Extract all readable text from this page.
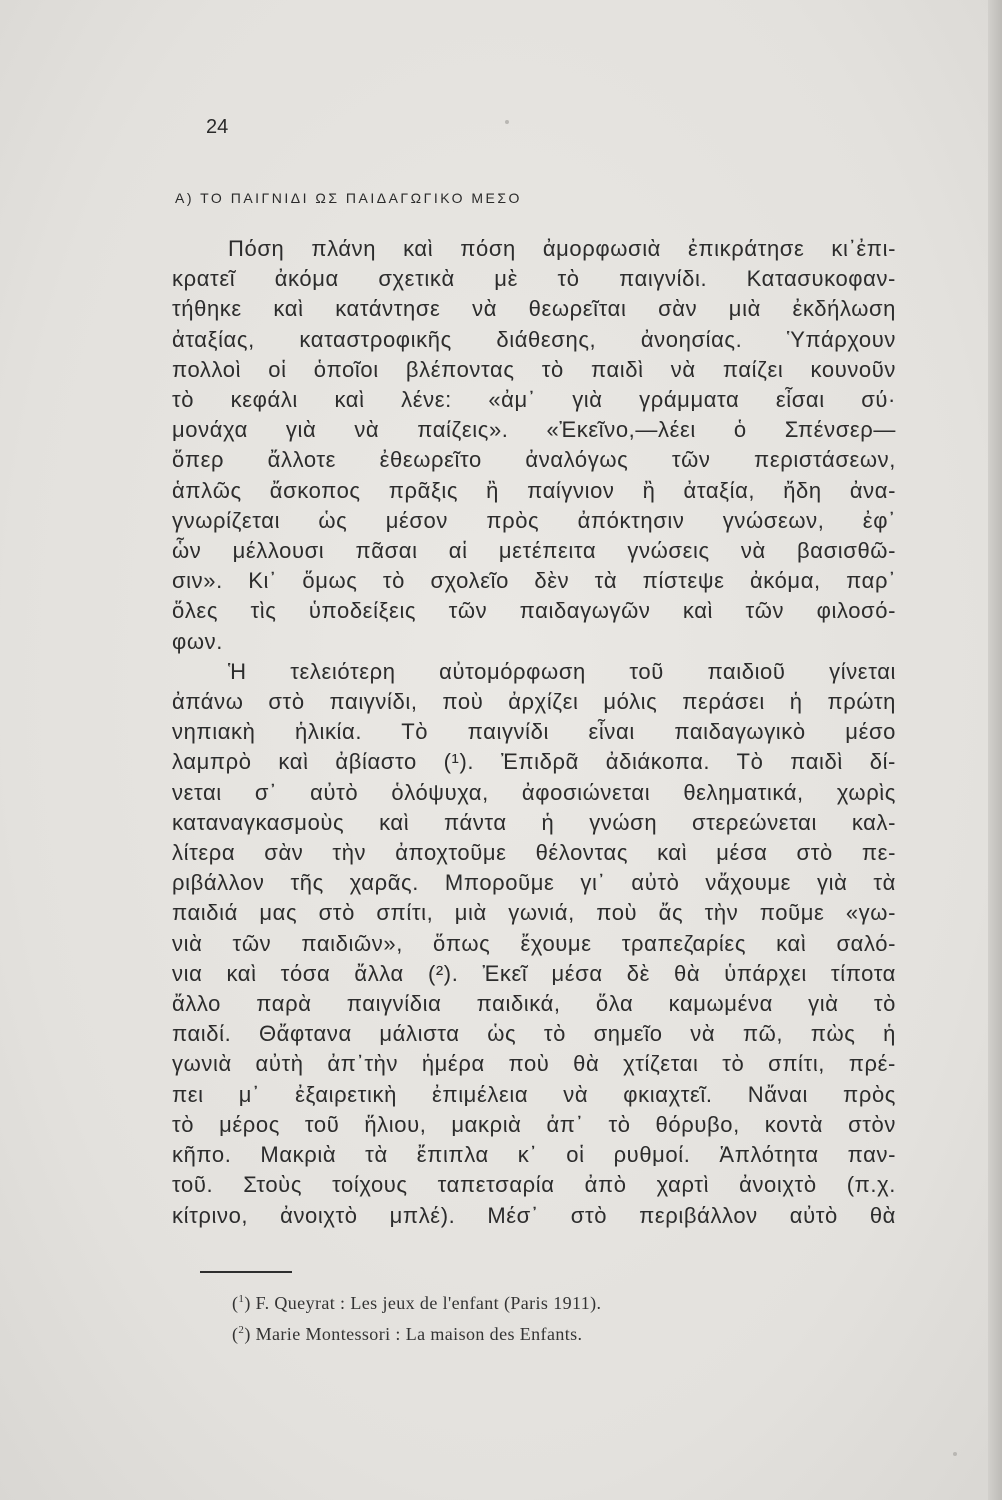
24
Α) ΤΟ ΠΑΙΓΝΙΔΙ ΩΣ ΠΑΙΔΑΓΩΓΙΚΟ ΜΕΣΟ
Πόση πλάνη καὶ πόση ἀμορφωσιὰ ἐπικράτησε κι᾿ἐπι-
κρατεῖ ἀκόμα σχετικὰ μὲ τὸ παιγνίδι. Κατασυκοφαν-
τήθηκε καὶ κατάντησε νὰ θεωρεῖται σὰν μιὰ ἐκδήλωση
ἀταξίας, καταστροφικῆς διάθεσης, ἀνοησίας. Ὑπάρχουν
πολλοὶ οἱ ὁποῖοι βλέποντας τὸ παιδὶ νὰ παίζει κουνοῦν
τὸ κεφάλι καὶ λένε: «ἀμ᾿ γιὰ γράμματα εἶσαι σύ·
μονάχα γιὰ νὰ παίζεις». «Ἐκεῖνο,—λέει ὁ Σπένσερ—
ὅπερ ἄλλοτε ἐθεωρεῖτο ἀναλόγως τῶν περιστάσεων,
ἁπλῶς ἄσκοπος πρᾶξις ἢ παίγνιον ἢ ἀταξία, ἤδη ἀνα-
γνωρίζεται ὡς μέσον πρὸς ἀπόκτησιν γνώσεων, ἐφ᾿
ὧν μέλλουσι πᾶσαι αἱ μετέπειτα γνώσεις νὰ βασισθῶ-
σιν». Κι᾿ ὅμως τὸ σχολεῖο δὲν τὰ πίστεψε ἀκόμα, παρ᾿
ὅλες τὶς ὑποδείξεις τῶν παιδαγωγῶν καὶ τῶν φιλοσό-
φων.
Ἡ τελειότερη αὐτομόρφωση τοῦ παιδιοῦ γίνεται
ἀπάνω στὸ παιγνίδι, ποὺ ἀρχίζει μόλις περάσει ἡ πρώτη
νηπιακὴ ἡλικία. Τὸ παιγνίδι εἶναι παιδαγωγικὸ μέσο
λαμπρὸ καὶ ἀβίαστο (¹). Ἐπιδρᾶ ἀδιάκοπα. Τὸ παιδὶ δί-
νεται σ᾿ αὐτὸ ὁλόψυχα, ἀφοσιώνεται θεληματικά, χωρὶς
καταναγκασμοὺς καὶ πάντα ἡ γνώση στερεώνεται καλ-
λίτερα σὰν τὴν ἀποχτοῦμε θέλοντας καὶ μέσα στὸ πε-
ριβάλλον τῆς χαρᾶς. Μποροῦμε γι᾿ αὐτὸ νἄχουμε γιὰ τὰ
παιδιά μας στὸ σπίτι, μιὰ γωνιά, ποὺ ἄς τὴν ποῦμε «γω-
νιὰ τῶν παιδιῶν», ὅπως ἔχουμε τραπεζαρίες καὶ σαλό-
νια καὶ τόσα ἄλλα (²). Ἐκεῖ μέσα δὲ θὰ ὑπάρχει τίποτα
ἄλλο παρὰ παιγνίδια παιδικά, ὅλα καμωμένα γιὰ τὸ
παιδί. Θἄφτανα μάλιστα ὡς τὸ σημεῖο νὰ πῶ, πὼς ἡ
γωνιὰ αὐτὴ ἀπ᾿τὴν ἡμέρα ποὺ θὰ χτίζεται τὸ σπίτι, πρέ-
πει μ᾿ ἐξαιρετικὴ ἐπιμέλεια νὰ φκιαχτεῖ. Νἄναι πρὸς
τὸ μέρος τοῦ ἥλιου, μακριὰ ἀπ᾿ τὸ θόρυβο, κοντὰ στὸν
κῆπο. Μακριὰ τὰ ἔπιπλα κ᾿ οἱ ρυθμοί. Ἁπλότητα παν-
τοῦ. Στοὺς τοίχους ταπετσαρία ἀπὸ χαρτὶ ἀνοιχτὸ (π.χ.
κίτρινο, ἀνοιχτὸ μπλέ). Μέσ᾿ στὸ περιβάλλον αὐτὸ θὰ
($^1$) F. Queyrat : Les jeux de l'enfant (Paris 1911).
($^2$) Marie Montessori : La maison des Enfants.
